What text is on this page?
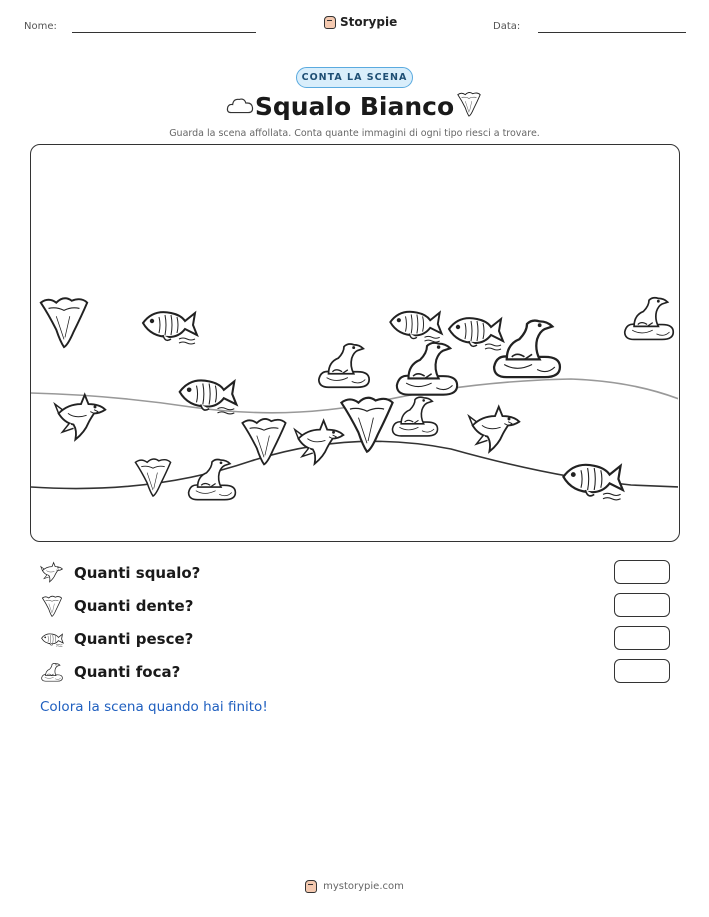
Nome:	Storypie	Data:
CONTA LA SCENA
Squalo Bianco
Guarda la scena affollata. Conta quante immagini di ogni tipo riesci a trovare.
Quanti squalo?
Quanti dente?
Quanti pesce?
Quanti foca?
Colora la scena quando hai finito!
mystorypie.com
